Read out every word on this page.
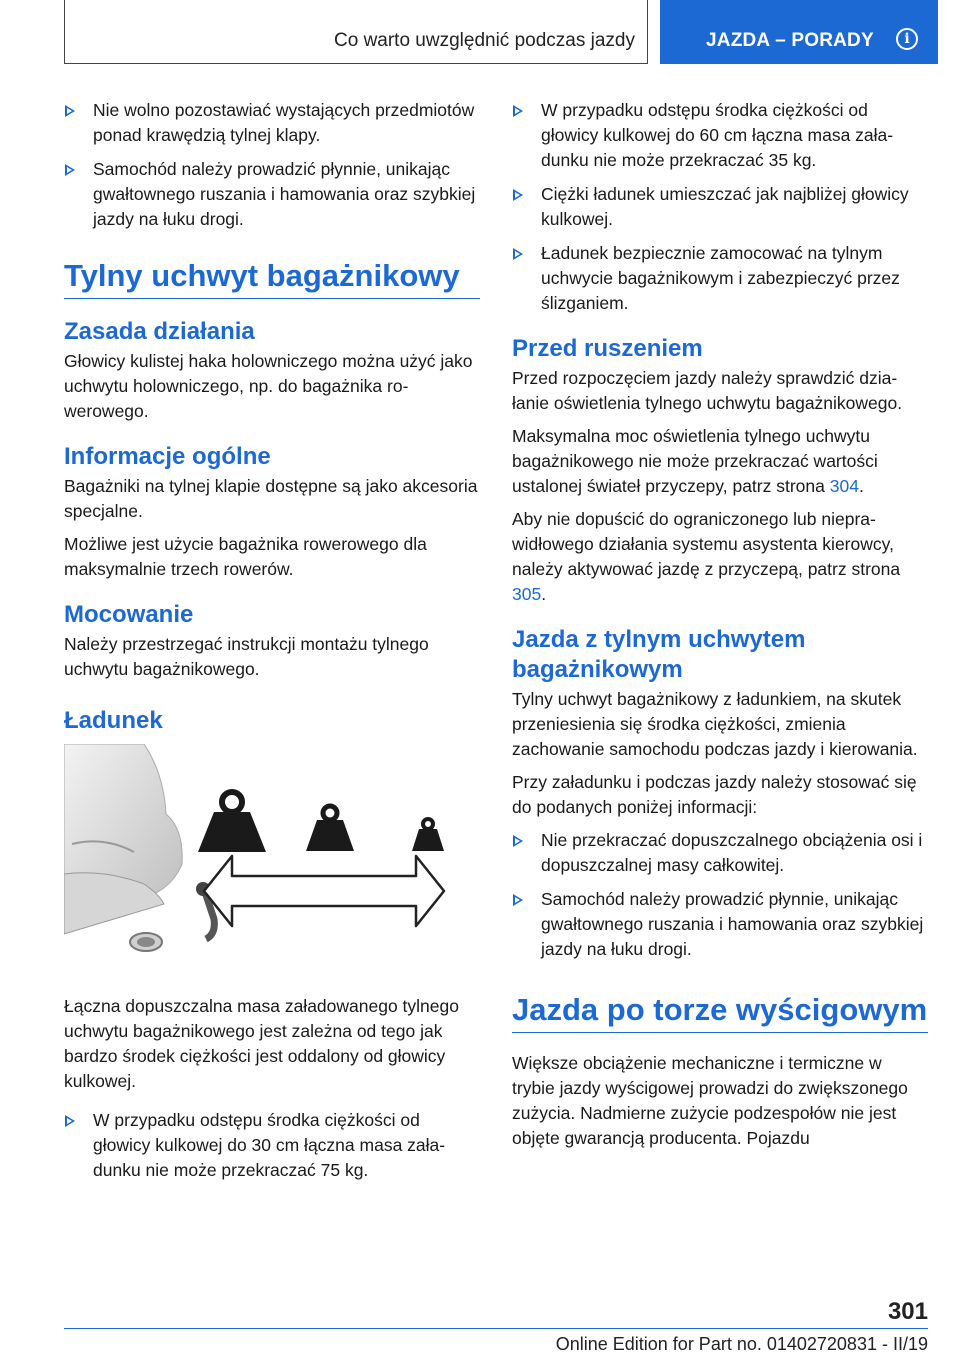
Co warto uwzględnić podczas jazdy	JAZDA – PORADY	i
Nie wolno pozostawiać wystających przedmiotów ponad krawędzią tylnej klapy.
Samochód należy prowadzić płynnie, unikając gwałtownego ruszania i hamowania oraz szybkiej jazdy na łuku drogi.
Tylny uchwyt bagażnikowy
Zasada działania

Głowicy kulistej haka holowniczego można użyć jako uchwytu holowniczego, np. do bagażnika rowerowego.

Informacje ogólne

Bagażniki na tylnej klapie dostępne są jako akcesoria specjalne.

Możliwe jest użycie bagażnika rowerowego dla maksymalnie trzech rowerów.

Mocowanie

Należy przestrzegać instrukcji montażu tylnego uchwytu bagażnikowego.

Ładunek

Łączna dopuszczalna masa załadowanego tylnego uchwytu bagażnikowego jest zależna od tego jak bardzo środek ciężkości jest oddalony od głowicy kulkowej.

W przypadku odstępu środka ciężkości od głowicy kulkowej do 30 cm łączna masa załadunku nie może przekraczać 75 kg.
W przypadku odstępu środka ciężkości od głowicy kulkowej do 60 cm łączna masa załadunku nie może przekraczać 35 kg.
Ciężki ładunek umieszczać jak najbliżej głowicy kulkowej.
Ładunek bezpiecznie zamocować na tylnym uchwycie bagażnikowym i zabezpieczyć przez ślizganiem.
Przed ruszeniem

Przed rozpoczęciem jazdy należy sprawdzić działanie oświetlenia tylnego uchwytu bagażnikowego.

Maksymalna moc oświetlenia tylnego uchwytu bagażnikowego nie może przekraczać wartości ustalonej świateł przyczepy, patrz strona 304.

Aby nie dopuścić do ograniczonego lub nieprawidłowego działania systemu asystenta kierowcy, należy aktywować jazdę z przyczepą, patrz strona 305.

Jazda z tylnym uchwytem bagażnikowym

Tylny uchwyt bagażnikowy z ładunkiem, na skutek przeniesienia się środka ciężkości, zmienia zachowanie samochodu podczas jazdy i kierowania.

Przy załadunku i podczas jazdy należy stosować się do podanych poniżej informacji:

Nie przekraczać dopuszczalnego obciążenia osi i dopuszczalnej masy całkowitej.
Samochód należy prowadzić płynnie, unikając gwałtownego ruszania i hamowania oraz szybkiej jazdy na łuku drogi.
Jazda po torze wyścigowym

Większe obciążenie mechaniczne i termiczne w trybie jazdy wyścigowej prowadzi do zwiększonego zużycia. Nadmierne zużycie podzespołów nie jest objęte gwarancją producenta. Pojazdu

301
Online Edition for Part no. 01402720831 - II/19
